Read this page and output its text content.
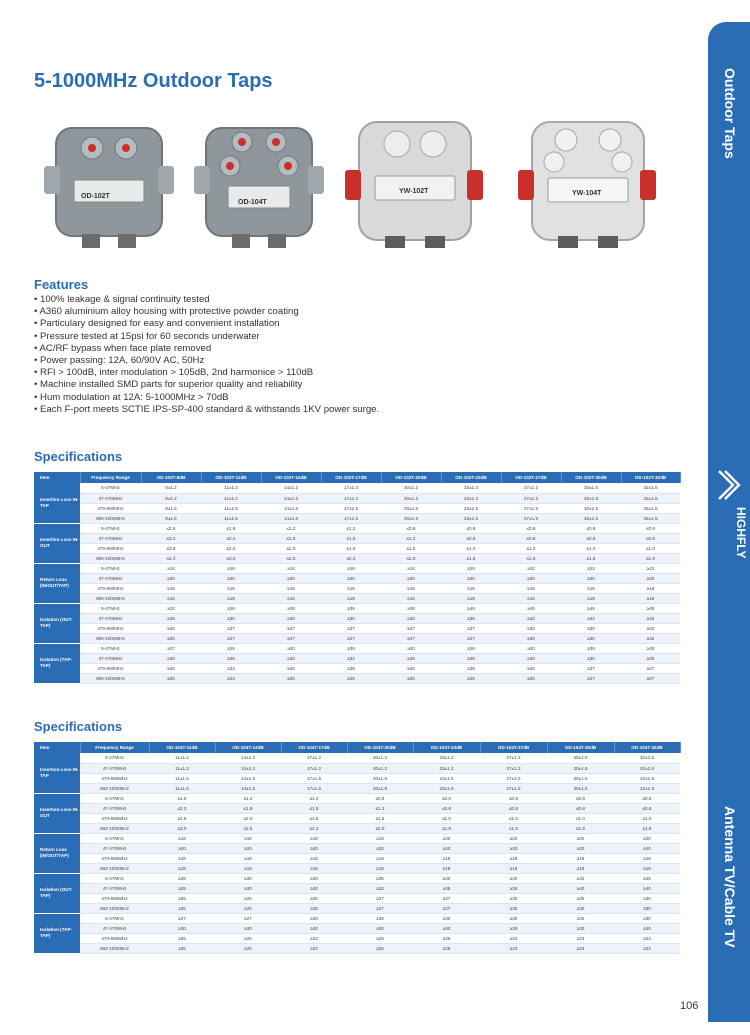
5-1000MHz Outdoor Taps
OD-102T
OD-104T
YW-102T	YW-104T
Features
• 100% leakage & signal continuity tested
• A360 aluminium alloy housing with protective powder coating
• Particulary designed for easy and convenient installation
• Pressure tested at 15psi for 60 seconds underwater
• AC/RF bypass when face plate removed
• Power passing: 12A, 60/90V AC, 50Hz
• RFI > 100dB, inter modulation > 105dB, 2nd harmonice > 110dB
• Machine installed SMD parts for superior quality and reliability
• Hum modulation at 12A: 5-1000MHz > 70dB
• Each F-port meets SCTIE IPS-SP-400 standard & withstands 1KV power surge.
Specifications
Item	Frequency Range	OD-102T-8dB	OD-102T-11dB	OD-102T-14dB	OD-102T-17dB	OD-102T-20dB	OD-102T-23dB	OD-102T-27dB	OD-102T-30dB	OD-102T-32dB
Insertion Loss IN-TAP	5-47MHz	8±1.2	11±1.2	14±1.2	17±1.2	20±1.2	23±1.2	27±1.2	30±1.5	32±1.5
	47-470MHz	8±1.2	11±1.2	14±1.2	17±1.2	20±1.2	23±1.2	27±1.2	30±1.5	32±1.5
	470-860MHz	8±1.5	11±1.5	14±1.5	17±1.5	20±1.5	23±1.5	27±1.5	30±1.5	32±1.5
	860-1000MHz	8±1.5	11±1.5	14±1.5	17±1.5	20±1.5	23±1.5	27±1.5	30±1.5	32±1.5
Insertion Loss IN-OUT	5-47MHz	≤2.5	≤1.8	≤1.2	≤1.2	≤0.8	≤0.8	≤0.8	≤0.8	≤0.8
	47-470MHz	≤3.2	≤2.2	≤1.8	≤1.5	≤1.2	≤0.8	≤0.8	≤0.8	≤0.8
	470-860MHz	≤3.8	≤2.5	≤2.0	≤1.8	≤1.5	≤1.0	≤1.0	≤1.0	≤1.0
	860-1000MHz	≤4.2	≤3.0	≤2.5	≤2.3	≤2.0	≤1.8	≤1.8	≤1.8	≤1.8
Return Loss (IN/OUT/TAP)	5-47MHz	≥18	≥18	≥18	≥18	≥18	≥20	≥22	≥22	≥22
	47-470MHz	≥20	≥20	≥20	≥20	≥20	≥20	≥20	≥20	≥20
	470-860MHz	≥18	≥18	≥18	≥18	≥18	≥18	≥18	≥18	≥18
	860-1000MHz	≥18	≥18	≥18	≥18	≥18	≥18	≥18	≥18	≥18
Isolation (OUT-TAP)	5-47MHz	≥23	≥28	≥28	≥35	≥38	≥40	≥45	≥45	≥45
	47-470MHz	≥25	≥30	≥30	≥30	≥32	≥35	≥42	≥42	≥42
	470-860MHz	≥25	≥27	≥27	≥27	≥27	≥27	≥30	≥30	≥32
	860-1000MHz	≥25	≥27	≥27	≥27	≥27	≥27	≥30	≥30	≥32
Isolation (TAP-TAP)	5-47MHz	≥27	≥25	≥30	≥30	≥30	≥28	≥30	≥30	≥30
	47-470MHz	≥30	≥25	≥32	≥32	≥28	≥28	≥30	≥30	≥30
	470-860MHz	≥25	≥23	≥25	≥25	≥25	≥25	≥25	≥27	≥27
	860-1000MHz	≥25	≥23	≥25	≥25	≥25	≥25	≥25	≥27	≥27
Specifications
Item	Frequency Range	OD-104T-11dB	OD-104T-14dB	OD-104T-17dB	OD-104T-20dB	OD-104T-23dB	OD-104T-27dB	OD-104T-30dB	OD-104T-32dB
Insertion Loss IN-TAP	5-47MHz	11±1.2	14±1.2	17±1.2	20±1.2	23±1.2	27±1.2	30±1.5	32±1.5
	47-470MHz	11±1.2	14±1.2	17±1.2	20±1.2	23±1.2	27±1.2	30±1.5	32±1.5
	470-860MHz	11±1.5	14±1.5	17±1.5	20±1.5	23±1.5	27±1.5	30±1.5	32±1.5
	860-1000MHz	11±1.5	14±1.5	17±1.5	20±1.5	23±1.5	27±1.5	30±1.5	32±1.5
Insertion Loss IN-OUT	5-47MHz	≤1.8	≤1.2	≤1.2	≤0.8	≤0.8	≤0.8	≤0.8	≤0.8
	47-470MHz	≤2.2	≤1.8	≤1.5	≤1.2	≤0.8	≤0.8	≤0.8	≤0.8
	470-860MHz	≤2.5	≤2.0	≤1.8	≤1.5	≤1.0	≤1.0	≤1.0	≤1.0
	860-1000MHz	≤3.0	≤2.5	≤2.3	≤2.0	≤1.8	≤1.8	≤1.8	≤1.8
Return Loss (IN/OUT/TAP)	5-47MHz	≥18	≥18	≥18	≥18	≥20	≥20	≥20	≥20
	47-470MHz	≥20	≥20	≥20	≥20	≥20	≥20	≥20	≥20
	470-860MHz	≥18	≥18	≥18	≥18	≥18	≥18	≥18	≥18
	860-1000MHz	≥18	≥18	≥18	≥18	≥18	≥18	≥18	≥18
Isolation (OUT-TAP)	5-47MHz	≥28	≥30	≥30	≥35	≥40	≥40	≥42	≥45
	47-470MHz	≥28	≥30	≥30	≥32	≥35	≥35	≥40	≥40
	470-860MHz	≥25	≥25	≥25	≥27	≥27	≥30	≥30	≥30
	860-1000MHz	≥25	≥25	≥25	≥27	≥27	≥30	≥30	≥30
Isolation (TAP-TAP)	5-47MHz	≥27	≥27	≥30	≥30	≥30	≥30	≥30	≥30
	47-470MHz	≥30	≥30	≥30	≥30	≥30	≥30	≥30	≥30
	470-860MHz	≥25	≥25	≥23	≥25	≥25	≥23	≥23	≥23
	860-1000MHz	≥25	≥25	≥23	≥25	≥25	≥23	≥23	≥23
Outdoor Taps
HIGHFLY
Antenna TV/Cable TV
106
